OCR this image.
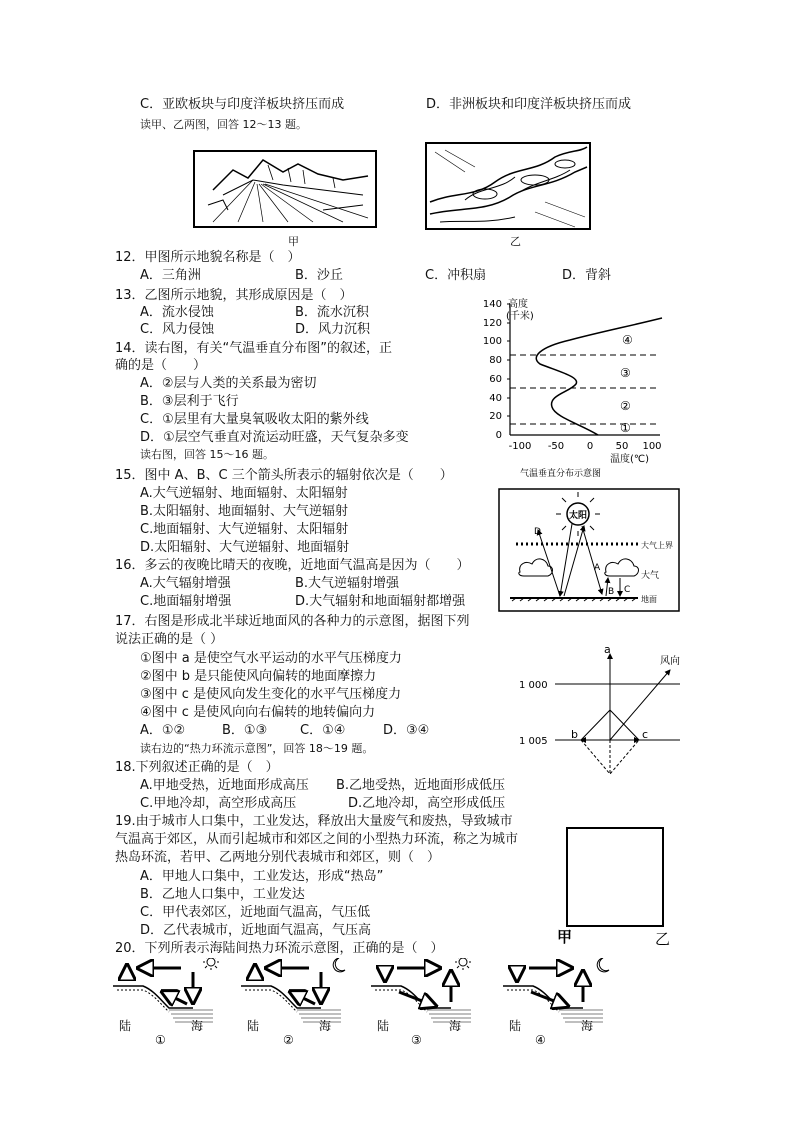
C．亚欧板块与印度洋板块挤压而成	D．非洲板块和印度洋板块挤压而成
读甲、乙两图，回答 12～13 题。
甲	乙
12．甲图所示地貌名称是（　）
A．三角洲	B．沙丘	C．冲积扇	D．背斜
13．乙图所示地貌，其形成原因是（　）
A．流水侵蚀	B．流水沉积
C．风力侵蚀	D．风力沉积
14．读右图，有关“气温垂直分布图”的叙述，正
确的是（　　）
A．②层与人类的关系最为密切
B．③层利于飞行
C．①层里有大量臭氧吸收太阳的紫外线
D．①层空气垂直对流运动旺盛，天气复杂多变
读右图，回答 15～16 题。
高度
(千米)
140
120
100
80
60
40
20
0
-100 -50 0 50 100
④
③
②
①
温度(℃)
气温垂直分布示意图
15．图中 A、B、C 三个箭头所表示的辐射依次是（　　）
A.大气逆辐射、地面辐射、太阳辐射
B.太阳辐射、地面辐射、大气逆辐射
C.地面辐射、大气逆辐射、太阳辐射
D.太阳辐射、大气逆辐射、地面辐射
太阳
大气上界
大气
地面
D
A
B C
16．多云的夜晚比晴天的夜晚，近地面气温高是因为（　　）
A.大气辐射增强	B.大气逆辐射增强
C.地面辐射增强	D.大气辐射和地面辐射都增强
17．右图是形成北半球近地面风的各种力的示意图，据图下列
说法正确的是（ ）
①图中 a 是使空气水平运动的水平气压梯度力
②图中 b 是只能使风向偏转的地面摩擦力
③图中 c 是使风向发生变化的水平气压梯度力
④图中 c 是使风向向右偏转的地转偏向力
A．①②	B．①③	C．①④	D．③④
读右边的“热力环流示意图”，回答 18～19 题。
1 000
1 005
a
风向
b	c
18.下列叙述正确的是（　）
A.甲地受热，近地面形成高压 B.乙地受热，近地面形成低压
C.甲地冷却，高空形成高压	D.乙地冷却，高空形成低压
19.由于城市人口集中，工业发达，释放出大量废气和废热，导致城市
气温高于郊区，从而引起城市和郊区之间的小型热力环流，称之为城市
热岛环流，若甲、乙两地分别代表城市和郊区，则（　）
A．甲地人口集中，工业发达，形成“热岛”
B．乙地人口集中，工业发达
C．甲代表郊区，近地面气温高，气压低
D．乙代表城市，近地面气温高，气压高	甲	乙
20．下列所表示海陆间热力环流示意图，正确的是（　）
陆	海
①
陆	海
②
陆	海
③
陆	海
④
